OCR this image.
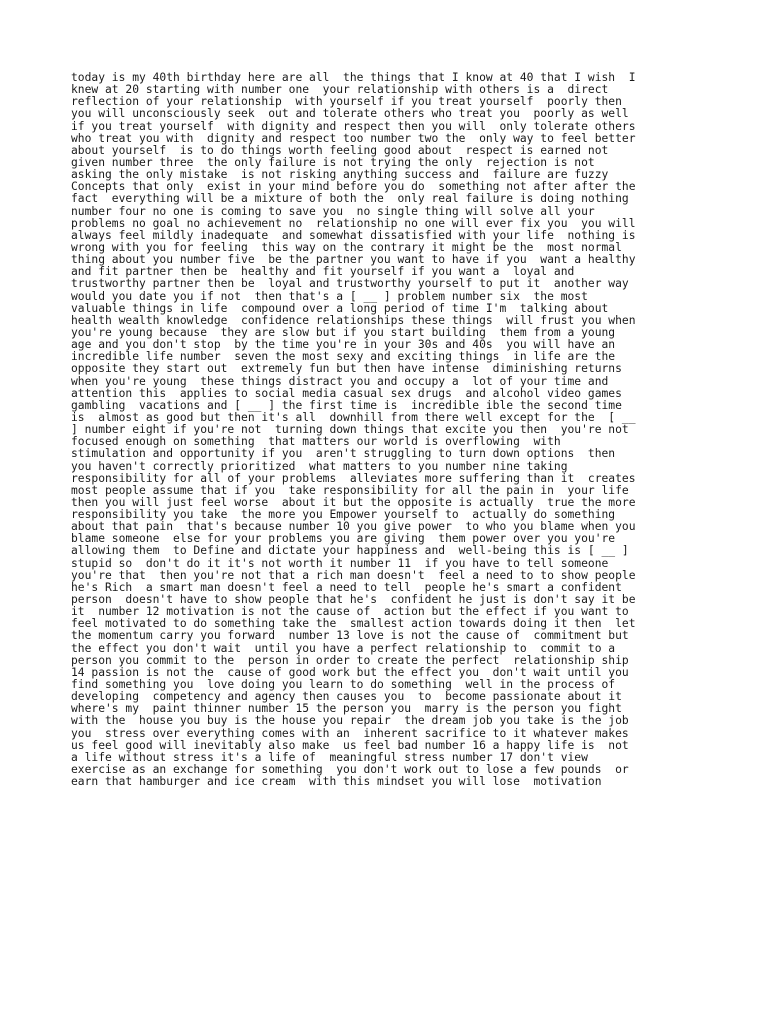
today is my 40th birthday here are all  the things that I know at 40 that I wish  I
knew at 20 starting with number one  your relationship with others is a  direct
reflection of your relationship  with yourself if you treat yourself  poorly then
you will unconsciously seek  out and tolerate others who treat you  poorly as well
if you treat yourself  with dignity and respect then you will  only tolerate others
who treat you with  dignity and respect too number two the  only way to feel better
about yourself  is to do things worth feeling good about  respect is earned not
given number three  the only failure is not trying the only  rejection is not
asking the only mistake  is not risking anything success and  failure are fuzzy
Concepts that only  exist in your mind before you do  something not after after the
fact  everything will be a mixture of both the  only real failure is doing nothing
number four no one is coming to save you  no single thing will solve all your
problems no goal no achievement no  relationship no one will ever fix you  you will
always feel mildly inadequate  and somewhat dissatisfied with your life  nothing is
wrong with you for feeling  this way on the contrary it might be the  most normal
thing about you number five  be the partner you want to have if you  want a healthy
and fit partner then be  healthy and fit yourself if you want a  loyal and
trustworthy partner then be  loyal and trustworthy yourself to put it  another way
would you date you if not  then that's a [ __ ] problem number six  the most
valuable things in life  compound over a long period of time I'm  talking about
health wealth knowledge  confidence relationships these things  will frust you when
you're young because  they are slow but if you start building  them from a young
age and you don't stop  by the time you're in your 30s and 40s  you will have an
incredible life number  seven the most sexy and exciting things  in life are the
opposite they start out  extremely fun but then have intense  diminishing returns
when you're young  these things distract you and occupy a  lot of your time and
attention this  applies to social media casual sex drugs  and alcohol video games
gambling  vacations and [ __ ] the first time is  incredible ible the second time
is  almost as good but then it's all  downhill from there well except for the  [ __
] number eight if you're not  turning down things that excite you then  you're not
focused enough on something  that matters our world is overflowing  with
stimulation and opportunity if you  aren't struggling to turn down options  then
you haven't correctly prioritized  what matters to you number nine taking
responsibility for all of your problems  alleviates more suffering than it  creates
most people assume that if you  take responsibility for all the pain in  your life
then you will just feel worse  about it but the opposite is actually  true the more
responsibility you take  the more you Empower yourself to  actually do something
about that pain  that's because number 10 you give power  to who you blame when you
blame someone  else for your problems you are giving  them power over you you're
allowing them  to Define and dictate your happiness and  well-being this is [ __ ]
stupid so  don't do it it's not worth it number 11  if you have to tell someone
you're that  then you're not that a rich man doesn't  feel a need to to show people
he's Rich  a smart man doesn't feel a need to tell  people he's smart a confident
person  doesn't have to show people that he's  confident he just is don't say it be
it  number 12 motivation is not the cause of  action but the effect if you want to
feel motivated to do something take the  smallest action towards doing it then  let
the momentum carry you forward  number 13 love is not the cause of  commitment but
the effect you don't wait  until you have a perfect relationship to  commit to a
person you commit to the  person in order to create the perfect  relationship ship
14 passion is not the  cause of good work but the effect you  don't wait until you
find something you  love doing you learn to do something  well in the process of
developing  competency and agency then causes you  to  become passionate about it
where's my  paint thinner number 15 the person you  marry is the person you fight
with the  house you buy is the house you repair  the dream job you take is the job
you  stress over everything comes with an  inherent sacrifice to it whatever makes
us feel good will inevitably also make  us feel bad number 16 a happy life is  not
a life without stress it's a life of  meaningful stress number 17 don't view
exercise as an exchange for something  you don't work out to lose a few pounds  or
earn that hamburger and ice cream  with this mindset you will lose  motivation
